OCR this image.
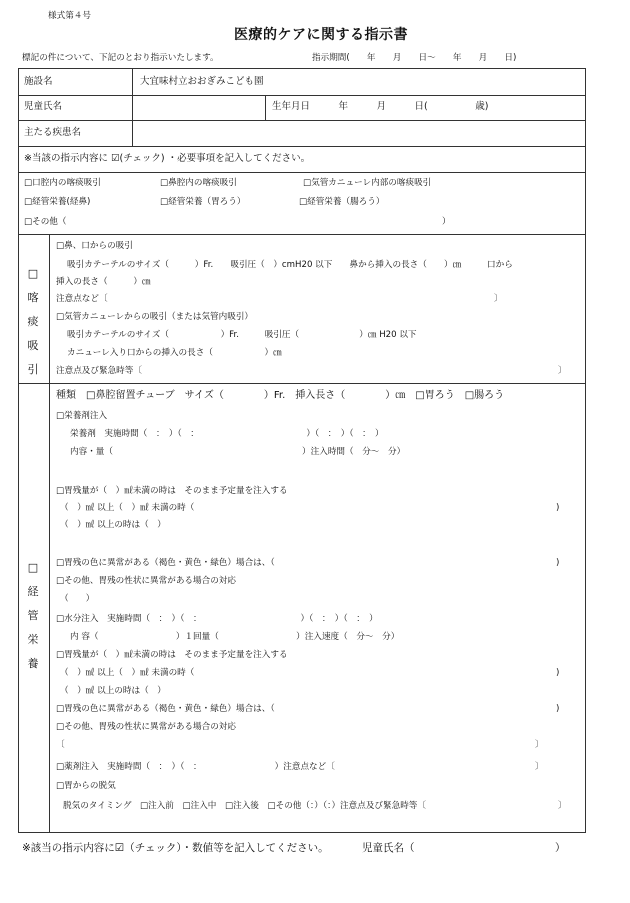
様式第４号
医療的ケアに関する指示書
標記の件について、下記のとおり指示いたします。	指示期間(　　年　　月　　日〜　　年　　月　　日)
施設名	大宜味村立おおぎみこども園
児童氏名	生年月日　　　年　　　月　　　日(　　　　　歳)
主たる疾患名
※当該の指示内容に ☑(チェック) ・必要事項を記入してください。
□口腔内の喀痰吸引	□鼻腔内の喀痰吸引	□気管カニューレ内部の喀痰吸引
□経管栄養(経鼻)	□経管栄養（胃ろう）	□経管栄養（腸ろう）
□その他（	）
□
喀
痰
吸
引
□鼻、口からの吸引
吸引カテーテルのサイズ（　　　）Fr.　　吸引圧（　）cmH20 以下　　鼻から挿入の長さ（　　）㎝　　　口から
挿入の長さ（　　　）㎝
注意点など〔	〕
□気管カニューレからの吸引（または気管内吸引）
吸引カテーテルのサイズ（　　　　　　）Fr.　　　吸引圧（　　　　　　　）㎝ H20 以下
カニューレ入り口からの挿入の長さ（　　　　　　）㎝
注意点及び緊急時等〔	〕
□
経
管
栄
養
種類　□鼻腔留置チューブ　サイズ（　　　　）Fr.　挿入長さ（　　　　）㎝　□胃ろう　□腸ろう
□栄養剤注入
栄養剤　実施時間（　：　）（　：　　　　　　　　　　　　　）（　：　）（　：　）
内容・量（　　　　　　　　　　　　　　　　　　　　　　）注入時間（　分〜　分）
□胃残量が（　）㎖未満の時は　そのまま予定量を注入する
（　）㎖ 以上（　）㎖ 未満の時（	)
（　）㎖ 以上の時は（　）
□胃残の色に異常がある（褐色・黄色・緑色）場合は、（	)
□その他、胃残の性状に異常がある場合の対応
（　　）
□水分注入　実施時間（　：　）（　：　　　　　　　　　　　　）（　：　）（　：　）
内 容（　　　　　　　　　）１回量（　　　　　　　　　）注入速度（　分〜　分）
□胃残量が（　）㎖未満の時は　そのまま予定量を注入する
（　）㎖ 以上（　）㎖ 未満の時（	)
（　）㎖ 以上の時は（　）
□胃残の色に異常がある（褐色・黄色・緑色）場合は、（	)
□その他、胃残の性状に異常がある場合の対応
〔	〕
□薬剤注入　実施時間（　：　）（　：　　　　　　　　　）注意点など〔	〕
□胃からの脱気
脱気のタイミング　□注入前　□注入中　□注入後　□その他（：）（：）注意点及び緊急時等〔	〕
※該当の指示内容に☑（チェック）・数値等を記入してください。	児童氏名（	）
